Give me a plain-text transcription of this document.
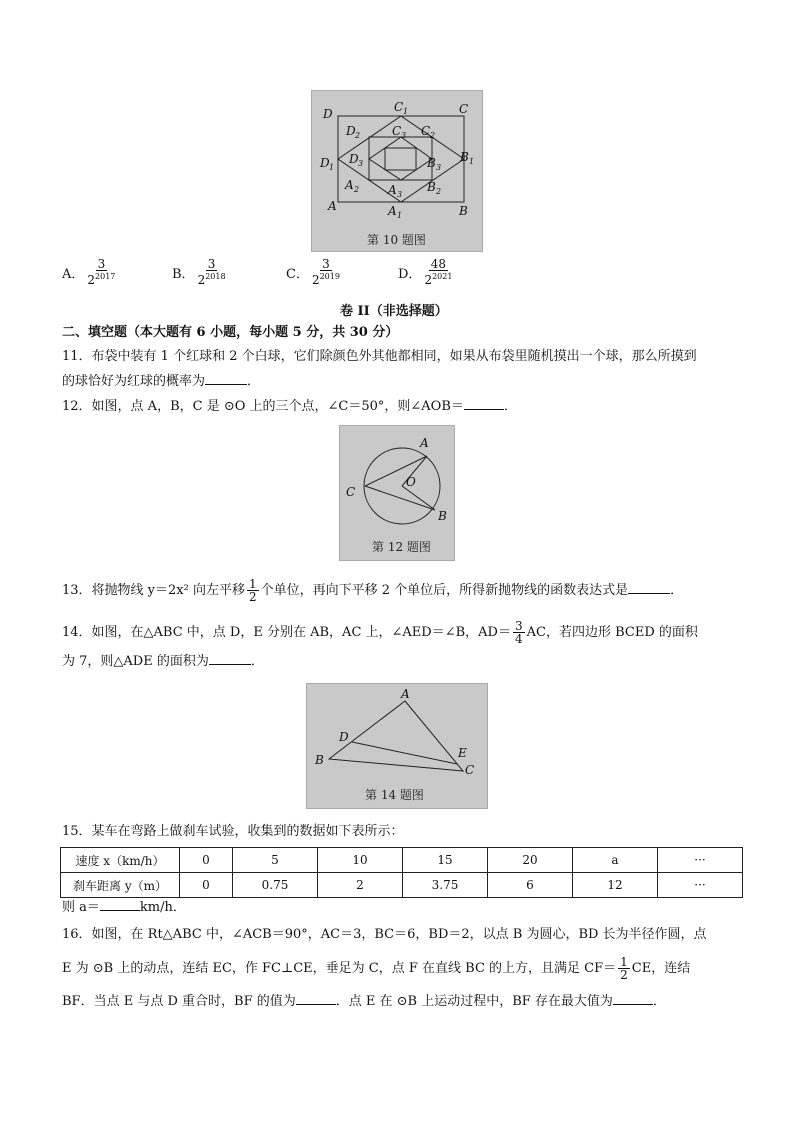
D	C 1	C
D 2	C 3 C 2
D 1
D 3	B 3
B 1
A 2 A 3
B 2
A	A 1	B
第 10 题图
A． $\frac{3}{2^{2017}}$	B． $\frac{3}{2^{2018}}$	C． $\frac{3}{2^{2019}}$	D． $\frac{48}{2^{2021}}$
卷 II（非选择题）
二、填空题（本大题有 6 小题，每小题 5 分，共 30 分）
11．布袋中装有 1 个红球和 2 个白球，它们除颜色外其他都相同，如果从布袋里随机摸出一个球，那么所摸到
的球恰好为红球的概率为	．
12．如图，点 A，B，C 是 ⊙O 上的三个点，∠C＝50°，则∠AOB＝	．
A
B
C
O
第 12 题图
13．将抛物线 y＝2x² 向左平移 $\frac{1}{2}$ 个单位，再向下平移 2 个单位后，所得新抛物线的函数表达式是	．
14．如图，在△ABC 中，点 D，E 分别在 AB，AC 上，∠AED＝∠B，$AD= \frac{3}{4}$ AC，若四边形 BCED 的面积
为 7，则△ADE 的面积为	．
A
B
C
D
E
第 14 题图
15．某车在弯路上做刹车试验，收集到的数据如下表所示：
速度 x（km/h）	0	5	10	15	20	a	···
刹车距离 y（m）	0	0.75	2	3.75	6	12	···
则 a＝	km/h．
16．如图，在 Rt△ABC 中，∠ACB＝90°，AC＝3，BC＝6，BD＝2，以点 B 为圆心，BD 长为半径作圆，点
E 为 ⊙B 上的动点，连结 EC，作 FC⊥CE，垂足为 C，点 F 在直线 BC 的上方，且满足 $CF= \frac{1}{2}$ CE，连结
BF．当点 E 与点 D 重合时，BF 的值为	．点 E 在 ⊙B 上运动过程中，BF 存在最大值为	．
